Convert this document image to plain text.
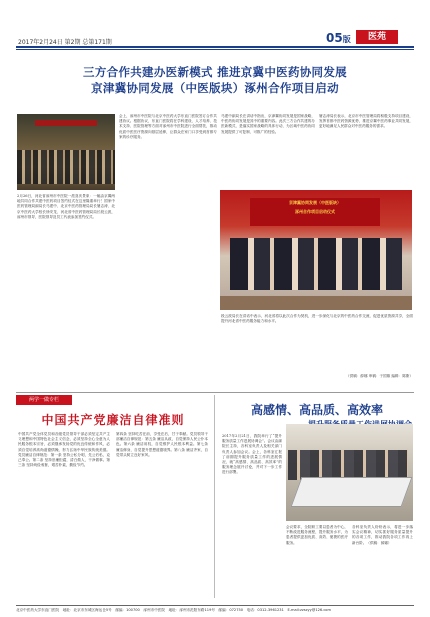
2017年2月24日 第2期 总第171期	05版	医苑
三方合作共建办医新模式 推进京冀中医药协同发展
京津冀协同发展（中医版块）涿州合作项目启动
2月26日，河北省涿州市中医院一派喜庆景象：一幅由京冀两地共同合作共建中医药项目签约仪式在这里隆重举行！国家中医药管理局副局长马建中、北京中医药管理局局长屠志涛、北京中医药大学校长徐安龙、河北省中医药管理局局长段云波，涿州市领导，医院领导及员工代表参加签约仪式。
会上，涿州市中医院与北京中医药大学东直门医院签订合作共建协议。根据协议，东直门医院将在学科建设、人才培养、技术支持、医院管理等方面对涿州市中医院进行全面帮扶，推动优质中医医疗资源向基层延伸，让群众在家门口享受到首都专家的诊疗服务。
马建中副局长在讲话中指出，京津冀协同发展是国家战略，中医药协同发展是其中的重要内容。此次三方合作共建的办医新模式，是落实国家战略的具体行动，为区域中医药协同发展提供了可复制、可推广的经验。
屠志涛局长表示，北京市中医管理局将积极支持项目建设，发挥首都中医药资源优势，推进京冀中医药事业共同发展，更好地满足人民群众对中医药服务的需求。
京津冀协同发展（中医版块）
涿州合作项目启动仪式
段云波局长在讲话中表示，河北省将以此次合作为契机，进一步深化与北京的中医药合作交流，促进优质资源共享，全面提升河北省中医药服务能力和水平。
（供稿：薛娜 审稿：于国雄 编辑：陈斯）
两学一做专栏
中国共产党廉洁自律准则
中国共产党全体党员和各级党员领导干部必须坚定共产主义理想和中国特色社会主义信念，必须坚持全心全意为人民服务根本宗旨，必须继承发扬党的优良传统和作风，必须自觉培养高尚道德情操，努力弘扬中华民族传统美德。党员廉洁自律规范：第一条 坚持公私分明，先公后私，克己奉公。第二条 坚持崇廉拒腐，清白做人，干净做事。第三条 坚持尚俭戒奢，艰苦朴素，勤俭节约。
第四条 坚持吃苦在前，享受在后，甘于奉献。党员领导干部廉洁自律规范：第五条 廉洁从政，自觉保持人民公仆本色。第六条 廉洁用权，自觉维护人民根本利益。第七条 廉洁修身，自觉提升思想道德境界。第八条 廉洁齐家，自觉带头树立良好家风。
高感情、高品质、高效率
2017年2月21日，我院举行了“提升服务质量工作进展协调会”。会议由副院长主持，各科室负责人及相关部门负责人参加会议。会上，各科室汇报了前期提升服务质量工作的进展情况，就“高感情、高品质、高效率”的服务理念展开讨论，并对下一步工作进行部署。
会议要求，全院职工要以患者为中心，不断改进服务流程，提升服务水平，为患者提供更加优质、高效、便捷的医疗服务。
各科室负责人纷纷表示，将进一步落实会议精神，切实抓好服务质量提升的各项工作，推动我院各项工作再上新台阶。（供稿：薛娜）
北京中医药大学东直门医院　地址：北京市东城区海运仓5号　邮编：100700　涿州市中医院　地址：涿州市范阳东路119号　邮编：072750　电话：0312-3961231　E-mail:zzszyy@126.com
